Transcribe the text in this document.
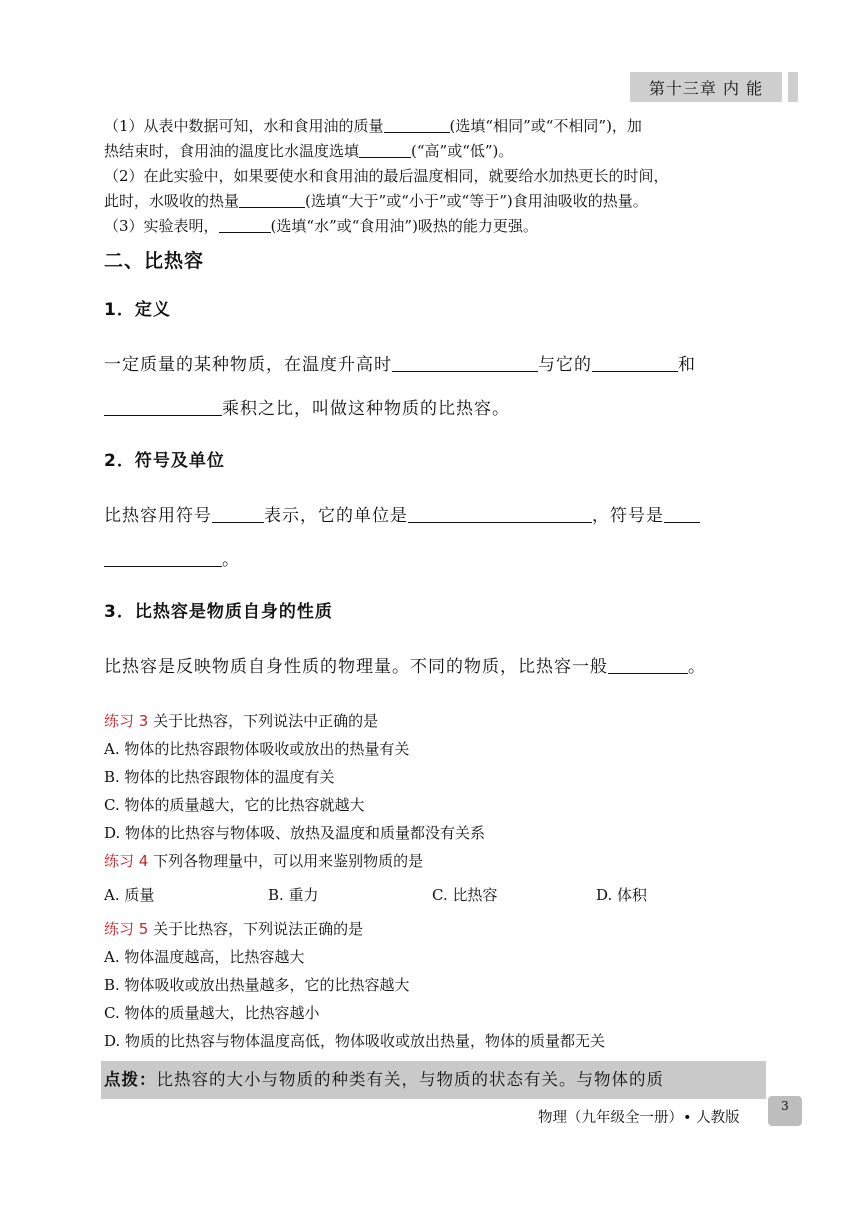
第十三章 内 能

（1）从表中数据可知，水和食用油的质量	(选填“相同”或“不相同”)，加

热结束时，食用油的温度比水温度选填	(“高”或“低”)。

（2）在此实验中，如果要使水和食用油的最后温度相同，就要给水加热更长的时间，

此时，水吸收的热量	(选填“大于”或“小于”或“等于”)食用油吸收的热量。

（3）实验表明，	(选填“水”或“食用油”)吸热的能力更强。

二、比热容
1．定义

一定质量的某种物质，在温度升高时	与它的	和
乘积之比，叫做这种物质的比热容。

2．符号及单位

比热容用符号	表示，它的单位是	，符号是
。

3．比热容是物质自身的性质

比热容是反映物质自身性质的物理量。不同的物质，比热容一般	。

练习 3 关于比热容，下列说法中正确的是

A. 物体的比热容跟物体吸收或放出的热量有关

B. 物体的比热容跟物体的温度有关

C. 物体的质量越大，它的比热容就越大

D. 物体的比热容与物体吸、放热及温度和质量都没有关系

练习 4 下列各物理量中，可以用来鉴别物质的是

A. 质量	B. 重力	C. 比热容	D. 体积

练习 5 关于比热容，下列说法正确的是

A. 物体温度越高，比热容越大

B. 物体吸收或放出热量越多，它的比热容越大

C. 物体的质量越大，比热容越小

D. 物质的比热容与物体温度高低，物体吸收或放出热量，物体的质量都无关

点拨：比热容的大小与物质的种类有关，与物质的状态有关。与物体的质
物理（九年级全一册）• 人教版
3
